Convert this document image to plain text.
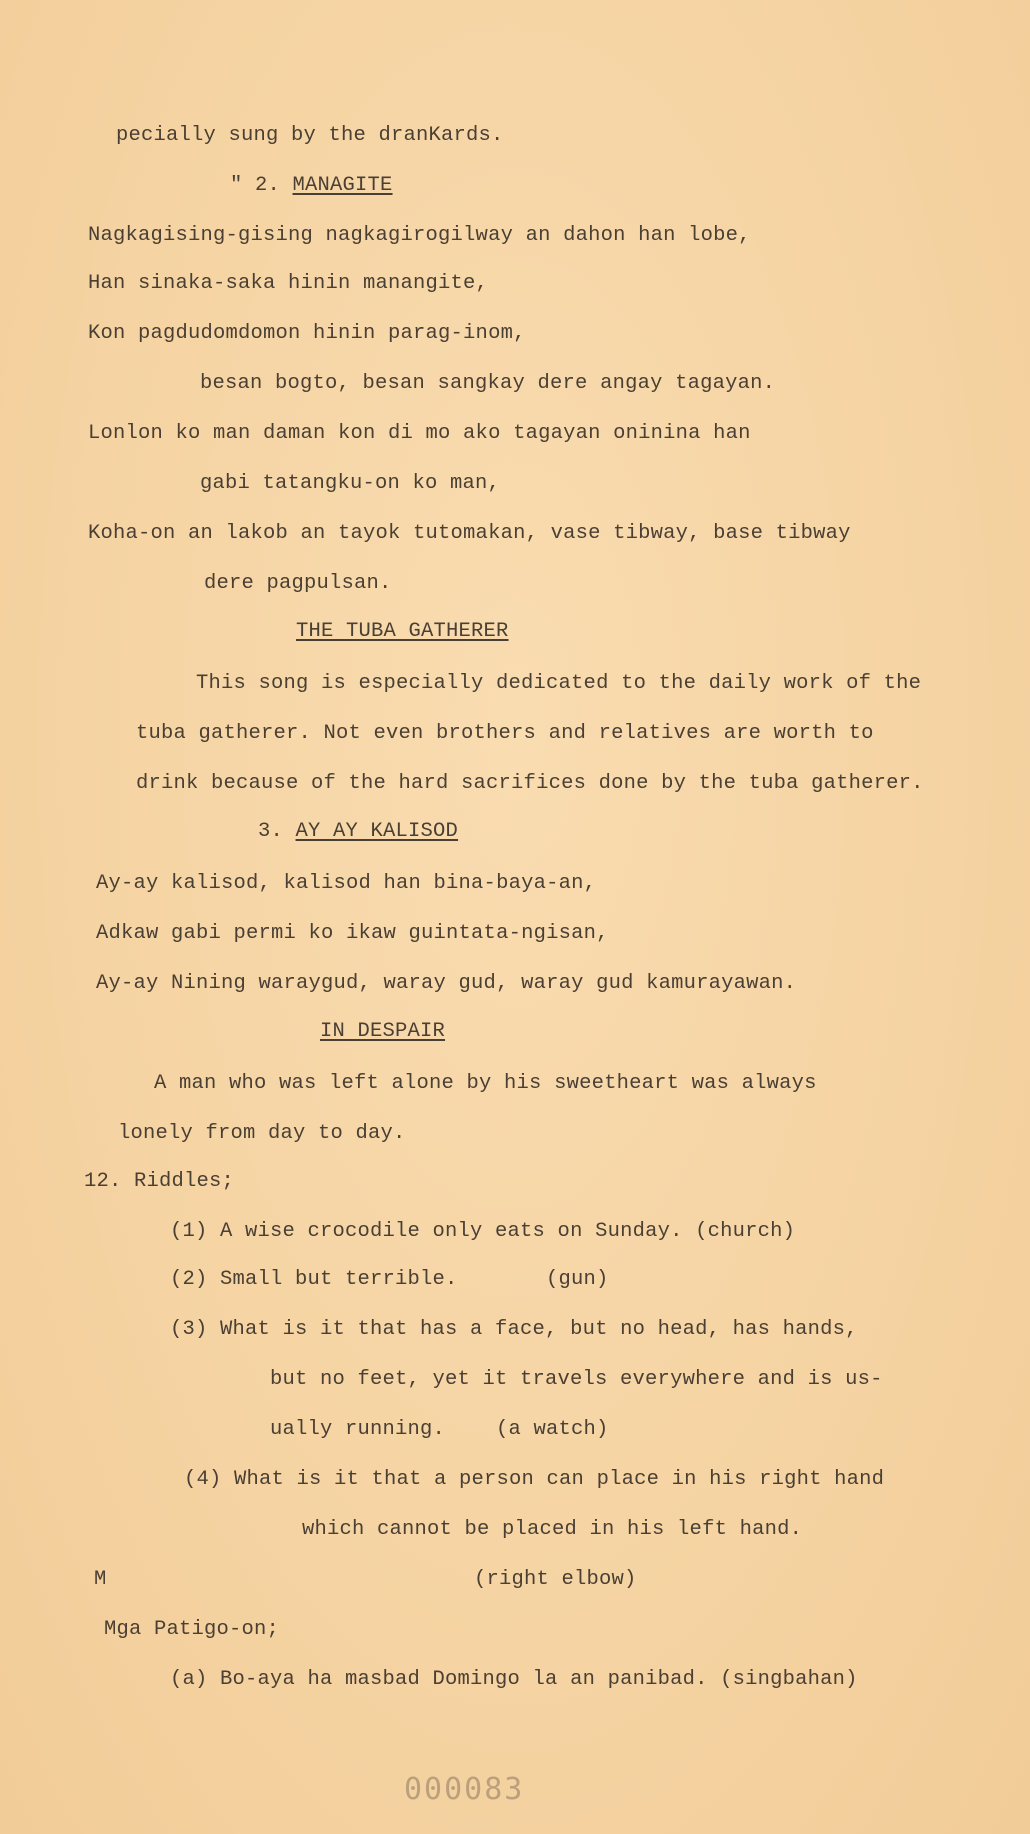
pecially sung by the dranKards.
" 2. MANAGITE
Nagkagising-gising nagkagirogilway an dahon han lobe,
Han sinaka-saka hinin manangite,
Kon pagdudomdomon hinin parag-inom,
besan bogto, besan sangkay dere angay tagayan.
Lonlon ko man daman kon di mo ako tagayan oninina han
gabi tatangku-on ko man,
Koha-on an lakob an tayok tutomakan, vase tibway, base tibway
dere pagpulsan.
THE TUBA GATHERER
This song is especially dedicated to the daily work of the
tuba gatherer. Not even brothers and relatives are worth to
drink because of the hard sacrifices done by the tuba gatherer.
3. AY AY KALISOD
Ay-ay kalisod, kalisod han bina-baya-an,
Adkaw gabi permi ko ikaw guintata-ngisan,
Ay-ay Nining waraygud, waray gud, waray gud kamurayawan.
IN DESPAIR
A man who was left alone by his sweetheart was always
lonely from day to day.
12. Riddles;
(1) A wise crocodile only eats on Sunday. (church)
(2) Small but terrible.	(gun)
(3) What is it that has a face, but no head, has hands,
but no feet, yet it travels everywhere and is us-
ually running. (a watch)
(4) What is it that a person can place in his right hand
which cannot be placed in his left hand.
M	(right elbow)
Mga Patigo-on;
(a) Bo-aya ha masbad Domingo la an panibad. (singbahan)
000083
